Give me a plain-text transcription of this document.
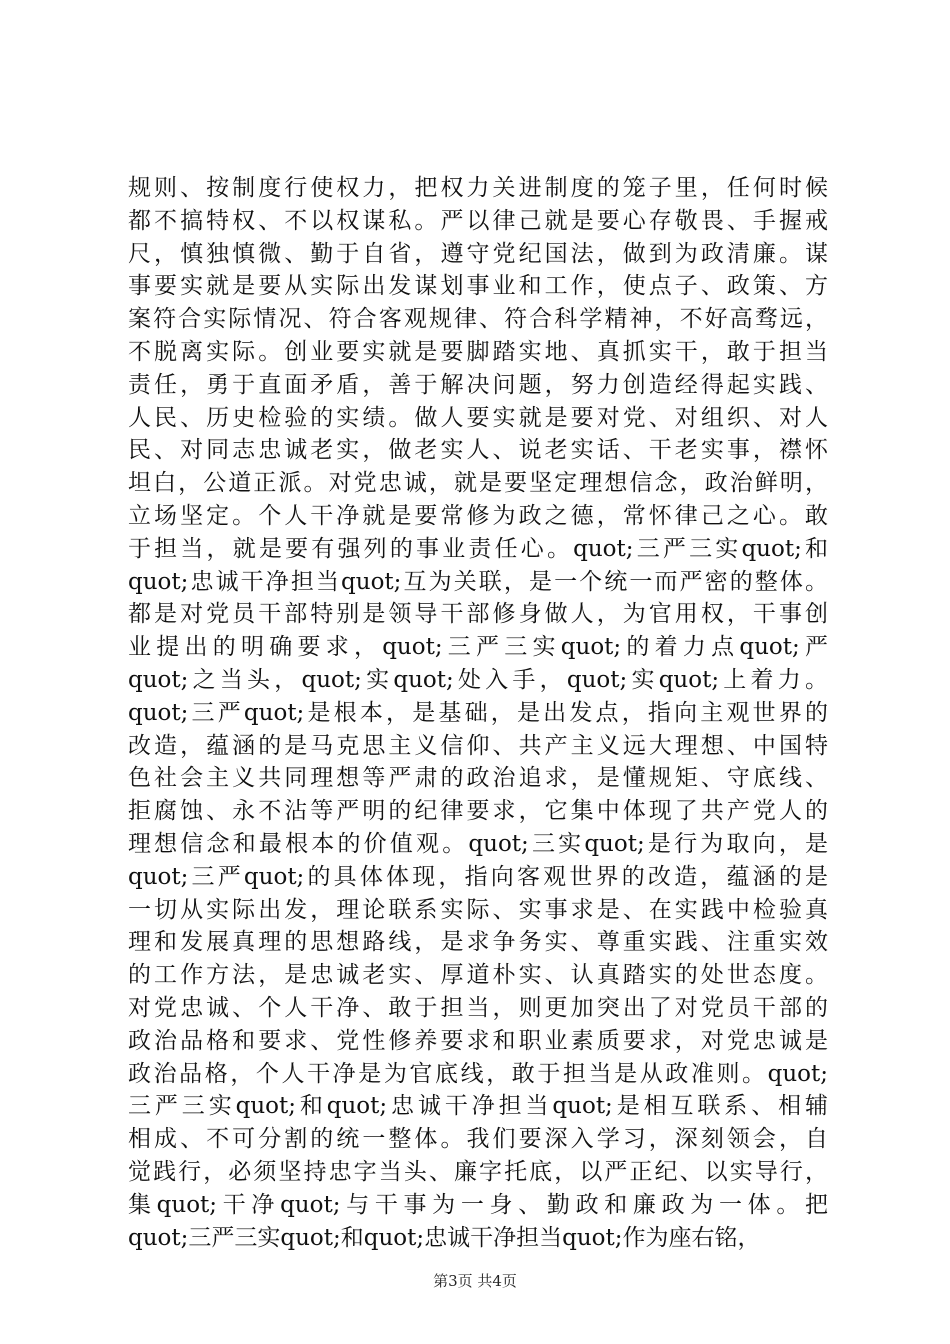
规则、按制度行使权力，把权力关进制度的笼子里，任何时候
都不搞特权、不以权谋私。严以律己就是要心存敬畏、手握戒
尺，慎独慎微、勤于自省，遵守党纪国法，做到为政清廉。谋
事要实就是要从实际出发谋划事业和工作，使点子、政策、方
案符合实际情况、符合客观规律、符合科学精神，不好高骛远，
不脱离实际。创业要实就是要脚踏实地、真抓实干，敢于担当
责任，勇于直面矛盾，善于解决问题，努力创造经得起实践、
人民、历史检验的实绩。做人要实就是要对党、对组织、对人
民、对同志忠诚老实，做老实人、说老实话、干老实事，襟怀
坦白，公道正派。对党忠诚，就是要坚定理想信念，政治鲜明，
立场坚定。个人干净就是要常修为政之德，常怀律己之心。敢
于担当，就是要有强列的事业责任心。quot;三严三实quot;和
quot;忠诚干净担当quot;互为关联，是一个统一而严密的整体。
都是对党员干部特别是领导干部修身做人，为官用权，干事创
业提出的明确要求，quot;三严三实quot;的着力点quot;严
quot;之当头，quot;实quot;处入手，quot;实quot;上着力。
quot;三严quot;是根本，是基础，是出发点，指向主观世界的
改造，蕴涵的是马克思主义信仰、共产主义远大理想、中国特
色社会主义共同理想等严肃的政治追求，是懂规矩、守底线、
拒腐蚀、永不沾等严明的纪律要求，它集中体现了共产党人的
理想信念和最根本的价值观。quot;三实quot;是行为取向，是
quot;三严quot;的具体体现，指向客观世界的改造，蕴涵的是
一切从实际出发，理论联系实际、实事求是、在实践中检验真
理和发展真理的思想路线，是求争务实、尊重实践、注重实效
的工作方法，是忠诚老实、厚道朴实、认真踏实的处世态度。
对党忠诚、个人干净、敢于担当，则更加突出了对党员干部的
政治品格和要求、党性修养要求和职业素质要求，对党忠诚是
政治品格，个人干净是为官底线，敢于担当是从政准则。quot;
三严三实quot;和quot;忠诚干净担当quot;是相互联系、相辅
相成、不可分割的统一整体。我们要深入学习，深刻领会，自
觉践行，必须坚持忠字当头、廉字托底，以严正纪、以实导行，
集quot;干净quot;与干事为一身、勤政和廉政为一体。把
quot;三严三实quot;和quot;忠诚干净担当quot;作为座右铭，
第3页 共4页
